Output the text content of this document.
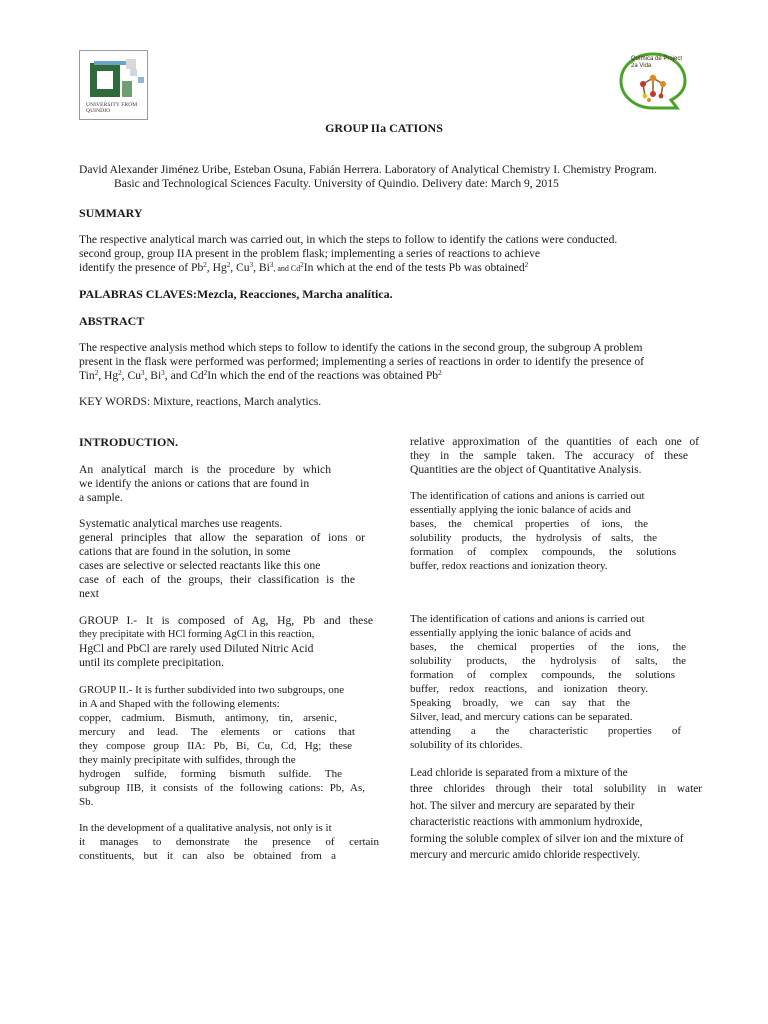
UNIVERSITY FROM QUINDIO
Química de Project 2a Vida
GROUP IIa CATIONS
David Alexander Jiménez Uribe, Esteban Osuna, Fabián Herrera. Laboratory of Analytical Chemistry I. Chemistry Program.
Basic and Technological Sciences Faculty. University of Quindio. Delivery date: March 9, 2015
SUMMARY
The respective analytical march was carried out, in which the steps to follow to identify the cations were conducted.
second group, group IIA present in the problem flask; implementing a series of reactions to achieve
identify the presence of Pb$^2$, Hg$^2$, Cu$^3$, Bi$^3$, and Cd$^2$In which at the end of the tests Pb was obtained$^2$
PALABRAS CLAVES:Mezcla, Reacciones, Marcha analítica.
ABSTRACT
The respective analysis method which steps to follow to identify the cations in the second group, the subgroup A problem
present in the flask were performed was performed; implementing a series of reactions in order to identify the presence of
Tin$^2$, Hg$^2$, Cu$^3$, Bi$^3$, and Cd$^2$In which the end of the reactions was obtained Pb$^2$
KEY WORDS: Mixture, reactions, March analytics.
INTRODUCTION.
An analytical march is the procedure by which
we identify the anions or cations that are found in
a sample.
Systematic analytical marches use reagents.
general principles that allow the separation of ions or
cations that are found in the solution, in some
cases are selective or selected reactants like this one
case of each of the groups, their classification is the
next
GROUP I.- It is composed of Ag, Hg, Pb and these
they precipitate with HCl forming AgCl in this reaction,
HgCl and PbCl are rarely used Diluted Nitric Acid
until its complete precipitation.
GROUP II.- It is further subdivided into two subgroups, one
in A and Shaped with the following elements:
copper, cadmium. Bismuth, antimony, tin, arsenic,
mercury and lead. The elements or cations that
they compose group IIA: Pb, Bi, Cu, Cd, Hg; these
they mainly precipitate with sulfides, through the
hydrogen sulfide, forming bismuth sulfide. The
subgroup IIB, it consists of the following cations: Pb, As,
Sb.
In the development of a qualitative analysis, not only is it
it manages to demonstrate the presence of certain
constituents, but it can also be obtained from a
relative approximation of the quantities of each one of
they in the sample taken. The accuracy of these
Quantities are the object of Quantitative Analysis.
The identification of cations and anions is carried out
essentially applying the ionic balance of acids and
bases, the chemical properties of ions, the
solubility products, the hydrolysis of salts, the
formation of complex compounds, the solutions
buffer, redox reactions and ionization theory.
The identification of cations and anions is carried out
essentially applying the ionic balance of acids and
bases, the chemical properties of the ions, the
solubility products, the hydrolysis of salts, the
formation of complex compounds, the solutions
buffer, redox reactions, and ionization theory.
Speaking broadly, we can say that the
Silver, lead, and mercury cations can be separated.
attending a the characteristic properties of
solubility of its chlorides.
Lead chloride is separated from a mixture of the
three chlorides through their total solubility in water
hot. The silver and mercury are separated by their
characteristic reactions with ammonium hydroxide,
forming the soluble complex of silver ion and the mixture of
mercury and mercuric amido chloride respectively.
